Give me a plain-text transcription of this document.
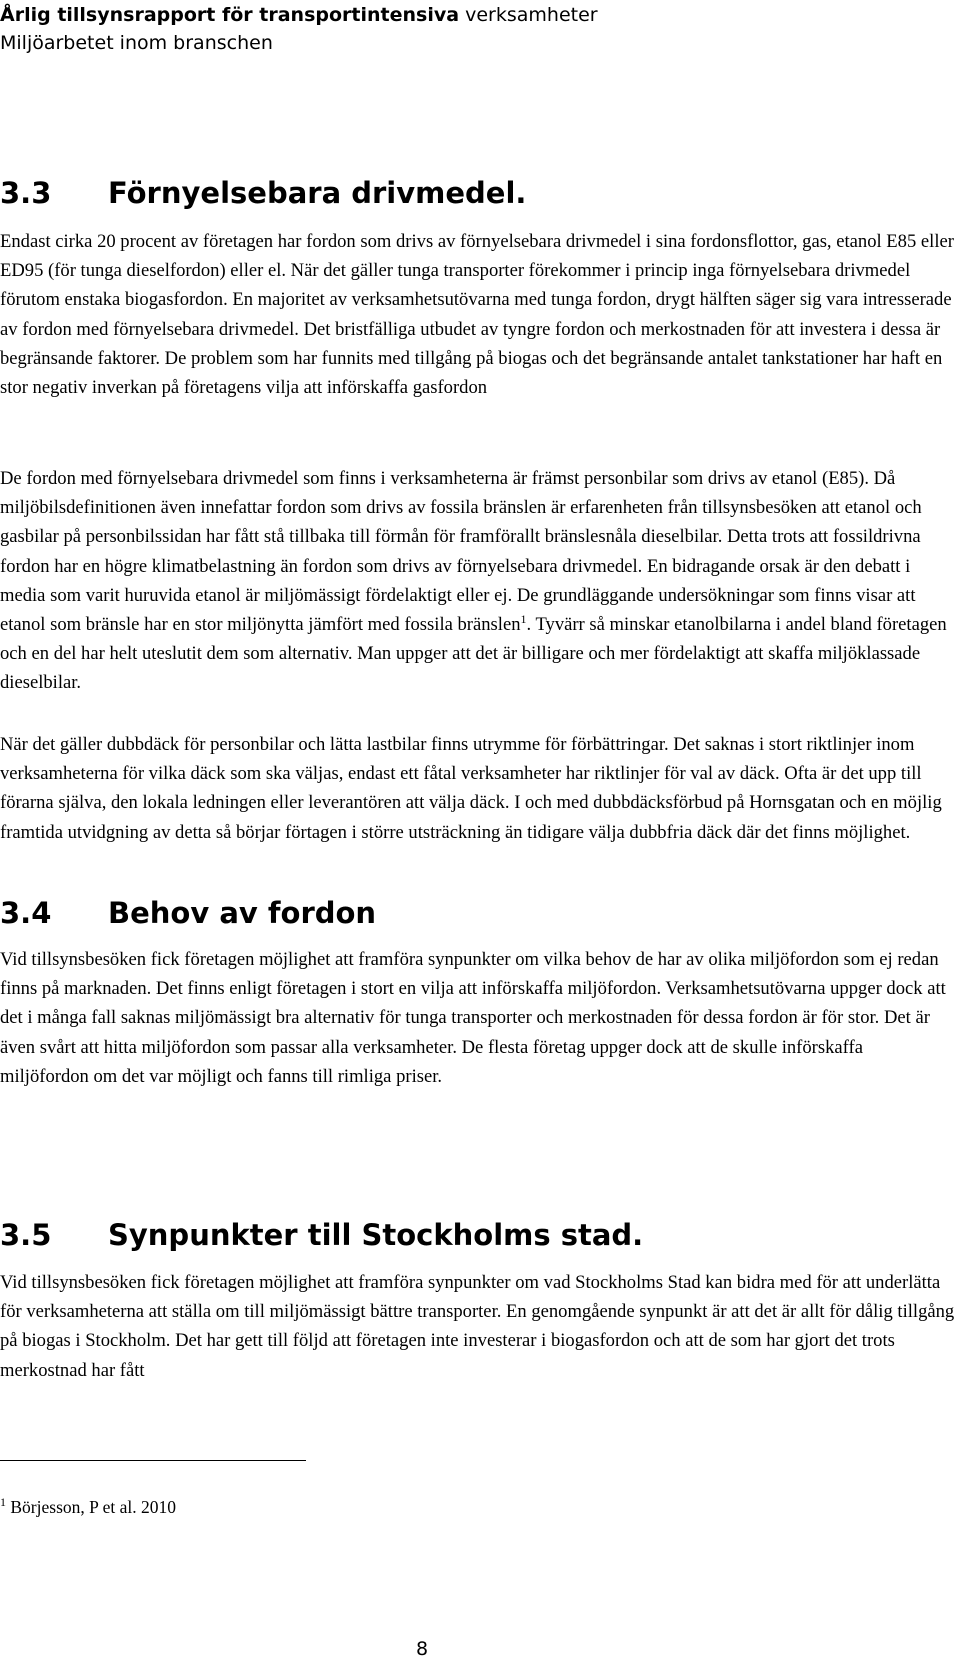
Årlig tillsynsrapport för transportintensiva verksamheter
Miljöarbetet inom branschen
3.3 Förnyelsebara drivmedel.
Endast cirka 20 procent av företagen har fordon som drivs av förnyelsebara drivmedel i sina fordonsflottor, gas, etanol E85 eller ED95 (för tunga dieselfordon) eller el. När det gäller tunga transporter förekommer i princip inga förnyelsebara drivmedel förutom enstaka biogasfordon. En majoritet av verksamhetsutövarna med tunga fordon, drygt hälften säger sig vara intresserade av fordon med förnyelsebara drivmedel. Det bristfälliga utbudet av tyngre fordon och merkostnaden för att investera i dessa är begränsande faktorer. De problem som har funnits med tillgång på biogas och det begränsande antalet tankstationer har haft en stor negativ inverkan på företagens vilja att införskaffa gasfordon
De fordon med förnyelsebara drivmedel som finns i verksamheterna är främst personbilar som drivs av etanol (E85). Då miljöbilsdefinitionen även innefattar fordon som drivs av fossila bränslen är erfarenheten från tillsynsbesöken att etanol och gasbilar på personbilssidan har fått stå tillbaka till förmån för framförallt bränslesnåla dieselbilar. Detta trots att fossildrivna fordon har en högre klimatbelastning än fordon som drivs av förnyelsebara drivmedel. En bidragande orsak är den debatt i media som varit huruvida etanol är miljömässigt fördelaktigt eller ej. De grundläggande undersökningar som finns visar att etanol som bränsle har en stor miljönytta jämfört med fossila bränslen$^1$. Tyvärr så minskar etanolbilarna i andel bland företagen och en del har helt uteslutit dem som alternativ. Man uppger att det är billigare och mer fördelaktigt att skaffa miljöklassade dieselbilar.
När det gäller dubbdäck för personbilar och lätta lastbilar finns utrymme för förbättringar. Det saknas i stort riktlinjer inom verksamheterna för vilka däck som ska väljas, endast ett fåtal verksamheter har riktlinjer för val av däck. Ofta är det upp till förarna själva, den lokala ledningen eller leverantören att välja däck. I och med dubbdäcksförbud på Hornsgatan och en möjlig framtida utvidgning av detta så börjar förtagen i större utsträckning än tidigare välja dubbfria däck där det finns möjlighet.
3.4 Behov av fordon
Vid tillsynsbesöken fick företagen möjlighet att framföra synpunkter om vilka behov de har av olika miljöfordon som ej redan finns på marknaden. Det finns enligt företagen i stort en vilja att införskaffa miljöfordon. Verksamhetsutövarna uppger dock att det i många fall saknas miljömässigt bra alternativ för tunga transporter och merkostnaden för dessa fordon är för stor. Det är även svårt att hitta miljöfordon som passar alla verksamheter. De flesta företag uppger dock att de skulle införskaffa miljöfordon om det var möjligt och fanns till rimliga priser.
3.5 Synpunkter till Stockholms stad.
Vid tillsynsbesöken fick företagen möjlighet att framföra synpunkter om vad Stockholms Stad kan bidra med för att underlätta för verksamheterna att ställa om till miljömässigt bättre transporter. En genomgående synpunkt är att det är allt för dålig tillgång på biogas i Stockholm. Det har gett till följd att företagen inte investerar i biogasfordon och att de som har gjort det trots merkostnad har fått
$^1$ Börjesson, P et al. 2010
8
